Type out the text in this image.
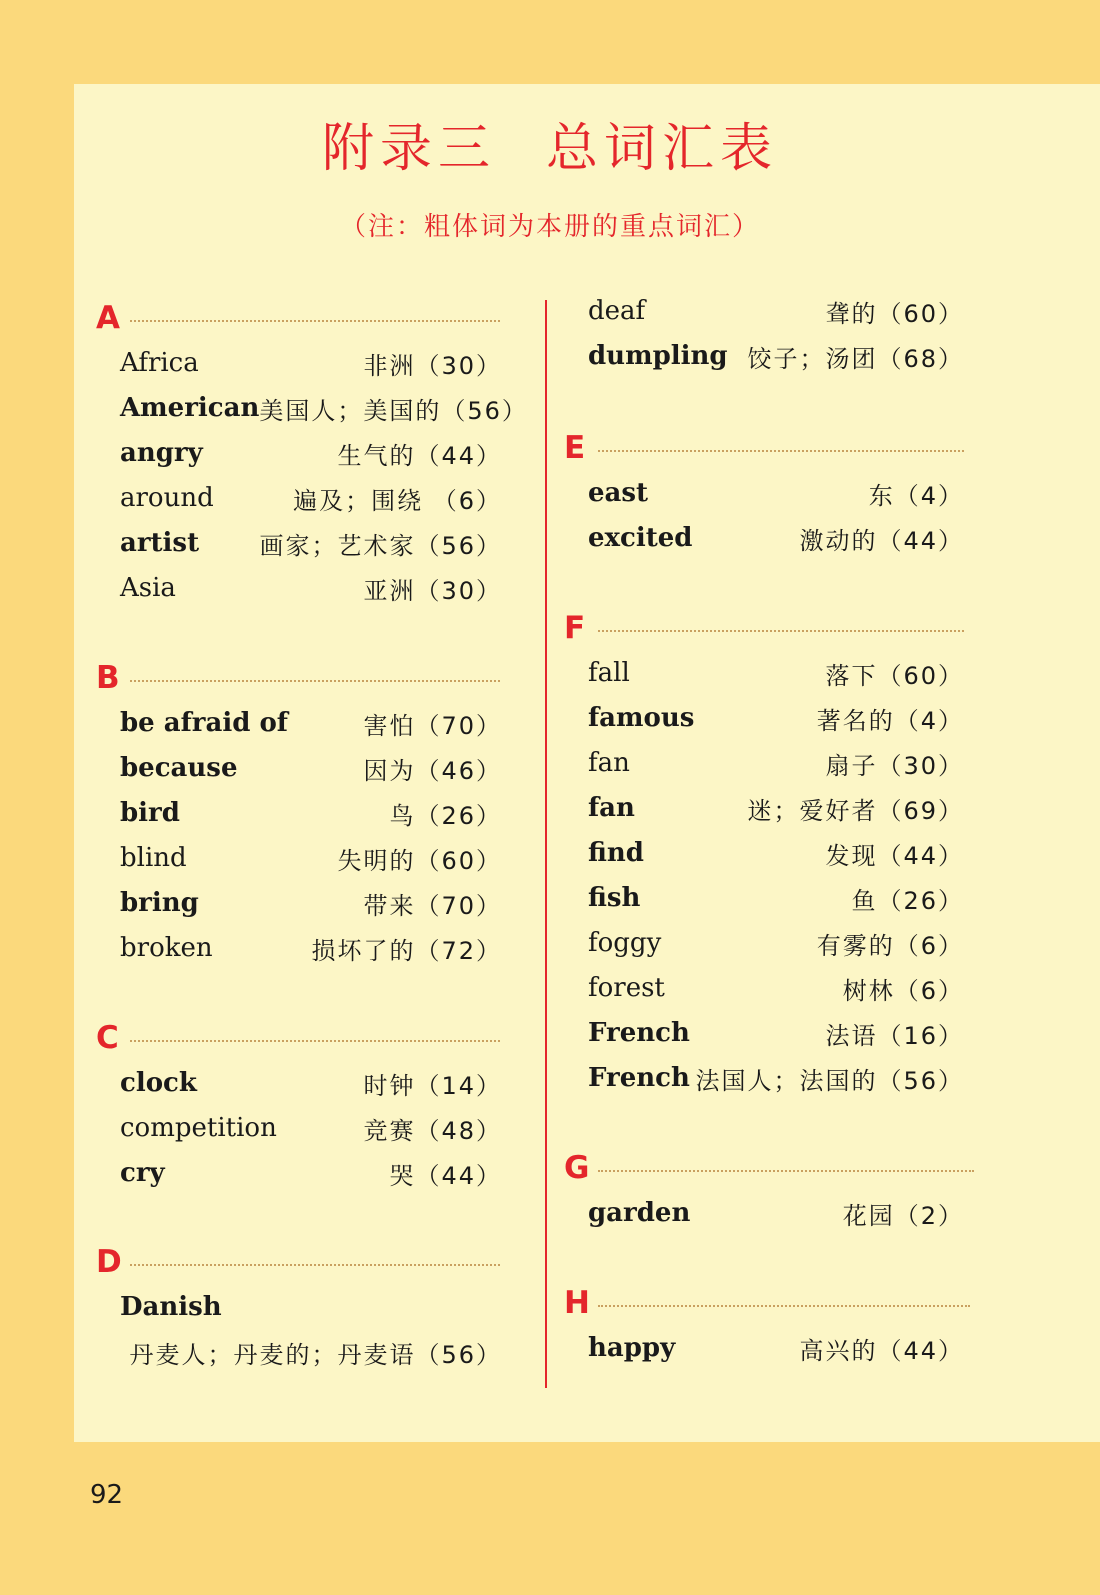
附录三 总词汇表
（注：粗体词为本册的重点词汇）
A
Africa	非洲（30）
American 美国人；美国的（56）
angry	生气的（44）
around	遍及；围绕 （6）
artist	画家；艺术家（56）
Asia	亚洲（30）
B
be afraid of	害怕（70）
because	因为（46）
bird	鸟（26）
blind	失明的（60）
bring	带来（70）
broken	损坏了的（72）
C
clock	时钟（14）
competition	竞赛（48）
cry	哭（44）
D
Danish
丹麦人；丹麦的；丹麦语（56）
deaf	聋的（60）
dumpling 饺子；汤团（68）
E
east	东（4）
excited	激动的（44）
F
fall	落下（60）
famous	著名的（4）
fan	扇子（30）
fan	迷；爱好者（69）
find	发现（44）
fish	鱼（26）
foggy	有雾的（6）
forest	树林（6）
French	法语（16）
French 法国人；法国的（56）
G
garden	花园（2）
H
happy	高兴的（44）
92
